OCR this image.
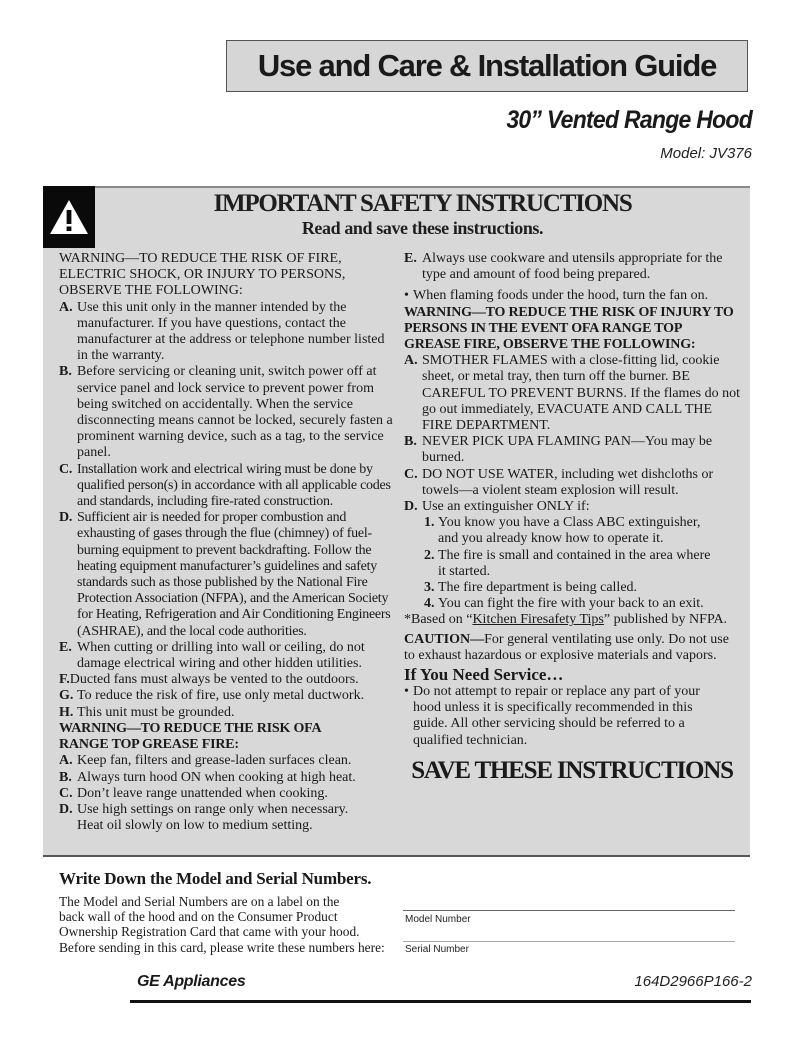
Use and Care & Installation Guide
30” Vented Range Hood
Model: JV376
IMPORTANT SAFETY INSTRUCTIONS
Read and save these instructions.

WARNING—TO REDUCE THE RISK OF FIRE, ELECTRIC SHOCK, OR INJURY TO PERSONS, OBSERVE THE FOLLOWING:

A. Use this unit only in the manner intended by the manufacturer. If you have questions, contact the manufacturer at the address or telephone number listed in the warranty.

B. Before servicing or cleaning unit, switch power off at service panel and lock service to prevent power from being switched on accidentally. When the service disconnecting means cannot be locked, securely fasten a prominent warning device, such as a tag, to the service panel.

C. Installation work and electrical wiring must be done by qualified person(s) in accordance with all applicable codes and standards, including fire-rated construction.

D. Sufficient air is needed for proper combustion and exhausting of gases through the flue (chimney) of fuel-burning equipment to prevent backdrafting. Follow the heating equipment manufacturer’s guidelines and safety standards such as those published by the National Fire Protection Association (NFPA), and the American Society for Heating, Refrigeration and Air Conditioning Engineers (ASHRAE), and the local code authorities.

E. When cutting or drilling into wall or ceiling, do not damage electrical wiring and other hidden utilities.

F.Ducted fans must always be vented to the outdoors.

G. To reduce the risk of fire, use only metal ductwork.

H. This unit must be grounded.

WARNING—TO REDUCE THE RISK OFA RANGE TOP GREASE FIRE:

A. Keep fan, filters and grease-laden surfaces clean.

B. Always turn hood ON when cooking at high heat.

C. Don’t leave range unattended when cooking.

D. Use high settings on range only when necessary. Heat oil slowly on low to medium setting.

E. Always use cookware and utensils appropriate for the type and amount of food being prepared.

• When flaming foods under the hood, turn the fan on.

WARNING—TO REDUCE THE RISK OF INJURY TO PERSONS IN THE EVENT OFA RANGE TOP GREASE FIRE, OBSERVE THE FOLLOWING:

A. SMOTHER FLAMES with a close-fitting lid, cookie sheet, or metal tray, then turn off the burner. BE CAREFUL TO PREVENT BURNS. If the flames do not go out immediately, EVACUATE AND CALL THE FIRE DEPARTMENT.

B. NEVER PICK UPA FLAMING PAN—You may be burned.

C. DO NOT USE WATER, including wet dishcloths or towels—a violent steam explosion will result.

D. Use an extinguisher ONLY if:

1. You know you have a Class ABC extinguisher, and you already know how to operate it.

2. The fire is small and contained in the area where it started.

3. The fire department is being called.

4. You can fight the fire with your back to an exit.

*Based on “Kitchen Firesafety Tips” published by NFPA.

CAUTION—For general ventilating use only. Do not use to exhaust hazardous or explosive materials and vapors.

If You Need Service…

• Do not attempt to repair or replace any part of your hood unless it is specifically recommended in this guide. All other servicing should be referred to a qualified technician.

SAVE THESE INSTRUCTIONS
Write Down the Model and Serial Numbers.
The Model and Serial Numbers are on a label on the
back wall of the hood and on the Consumer Product
Ownership Registration Card that came with your hood.
Before sending in this card, please write these numbers here:
Model Number
Serial Number
GE Appliances	164D2966P166-2
